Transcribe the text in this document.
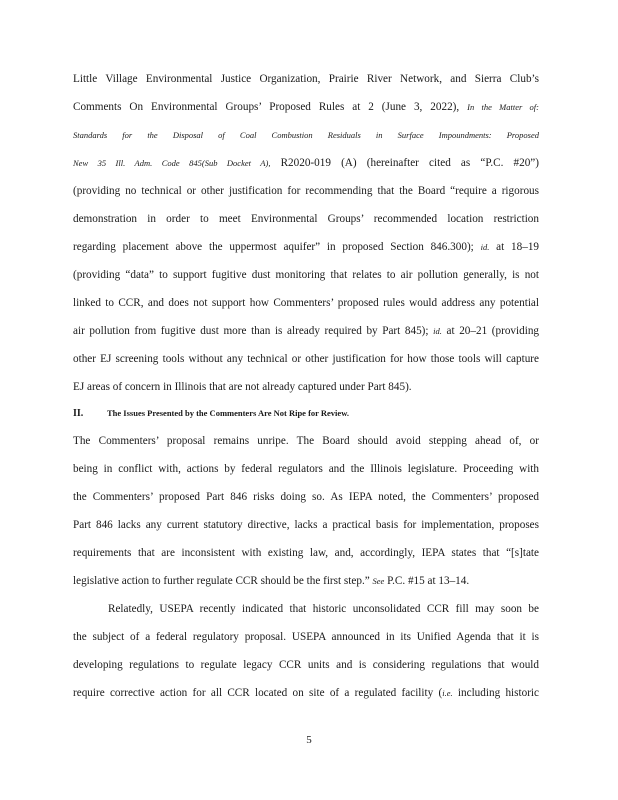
Little Village Environmental Justice Organization, Prairie River Network, and Sierra Club’s
Comments On Environmental Groups’ Proposed Rules at 2 (June 3, 2022), In the Matter of:
Standards for the Disposal of Coal Combustion Residuals in Surface Impoundments: Proposed
New 35 Ill. Adm. Code 845(Sub Docket A), R2020-019 (A) (hereinafter cited as “P.C. #20”)
(providing no technical or other justification for recommending that the Board “require a rigorous
demonstration in order to meet Environmental Groups’ recommended location restriction
regarding placement above the uppermost aquifer” in proposed Section 846.300); id. at 18–19
(providing “data” to support fugitive dust monitoring that relates to air pollution generally, is not
linked to CCR, and does not support how Commenters’ proposed rules would address any potential
air pollution from fugitive dust more than is already required by Part 845); id. at 20–21 (providing
other EJ screening tools without any technical or other justification for how those tools will capture
EJ areas of concern in Illinois that are not already captured under Part 845).
II.	The Issues Presented by the Commenters Are Not Ripe for Review.
The Commenters’ proposal remains unripe. The Board should avoid stepping ahead of, or
being in conflict with, actions by federal regulators and the Illinois legislature. Proceeding with
the Commenters’ proposed Part 846 risks doing so. As IEPA noted, the Commenters’ proposed
Part 846 lacks any current statutory directive, lacks a practical basis for implementation, proposes
requirements that are inconsistent with existing law, and, accordingly, IEPA states that “[s]tate
legislative action to further regulate CCR should be the first step.” See P.C. #15 at 13–14.
Relatedly, USEPA recently indicated that historic unconsolidated CCR fill may soon be
the subject of a federal regulatory proposal. USEPA announced in its Unified Agenda that it is
developing regulations to regulate legacy CCR units and is considering regulations that would
require corrective action for all CCR located on site of a regulated facility (i.e. including historic
5
